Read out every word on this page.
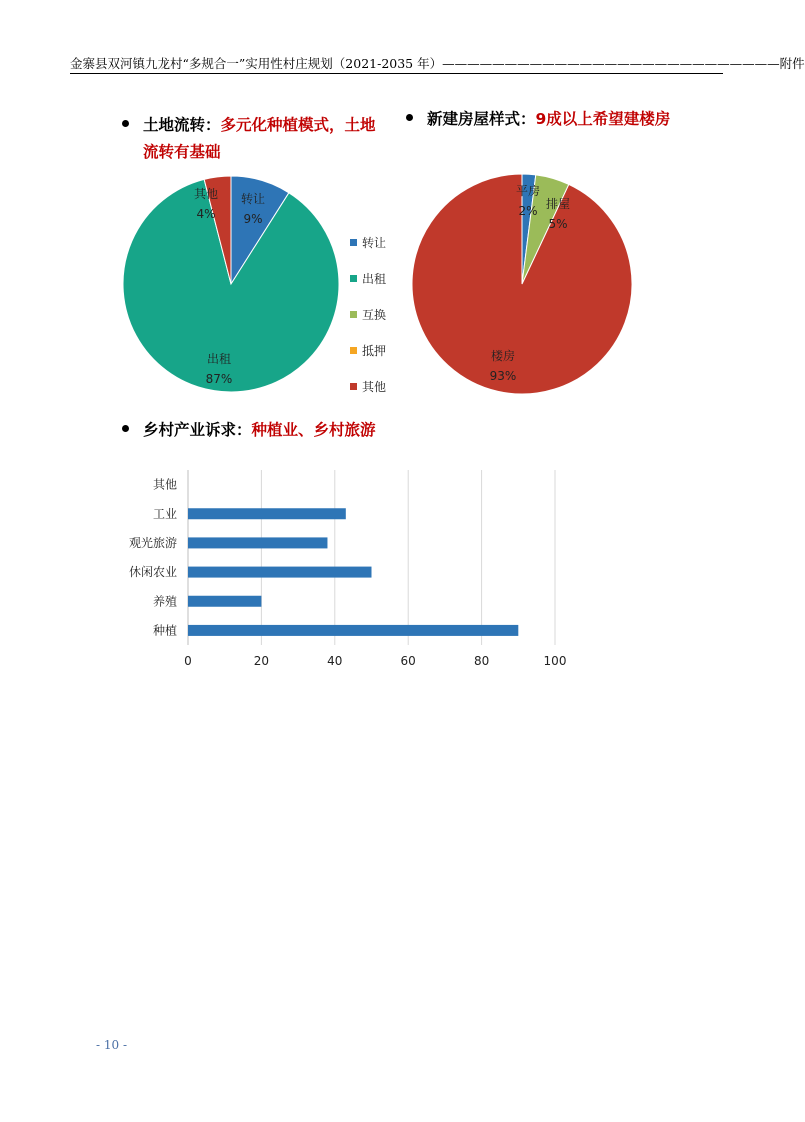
金寨县双河镇九龙村“多规合一”实用性村庄规划（2021-2035 年）———————————————————————————附件
土地流转：多元化种植模式，土地
流转有基础
新建房屋样式：9成以上希望建楼房
转让
9%
出租
87%
其他
4%
转让
出租
互换
抵押
其他
平房
2% 排屋
5%
楼房
93%
乡村产业诉求：种植业、乡村旅游
0	20	40	60	80	100
其他
工业
观光旅游
休闲农业
养殖
种植
- 10 -
